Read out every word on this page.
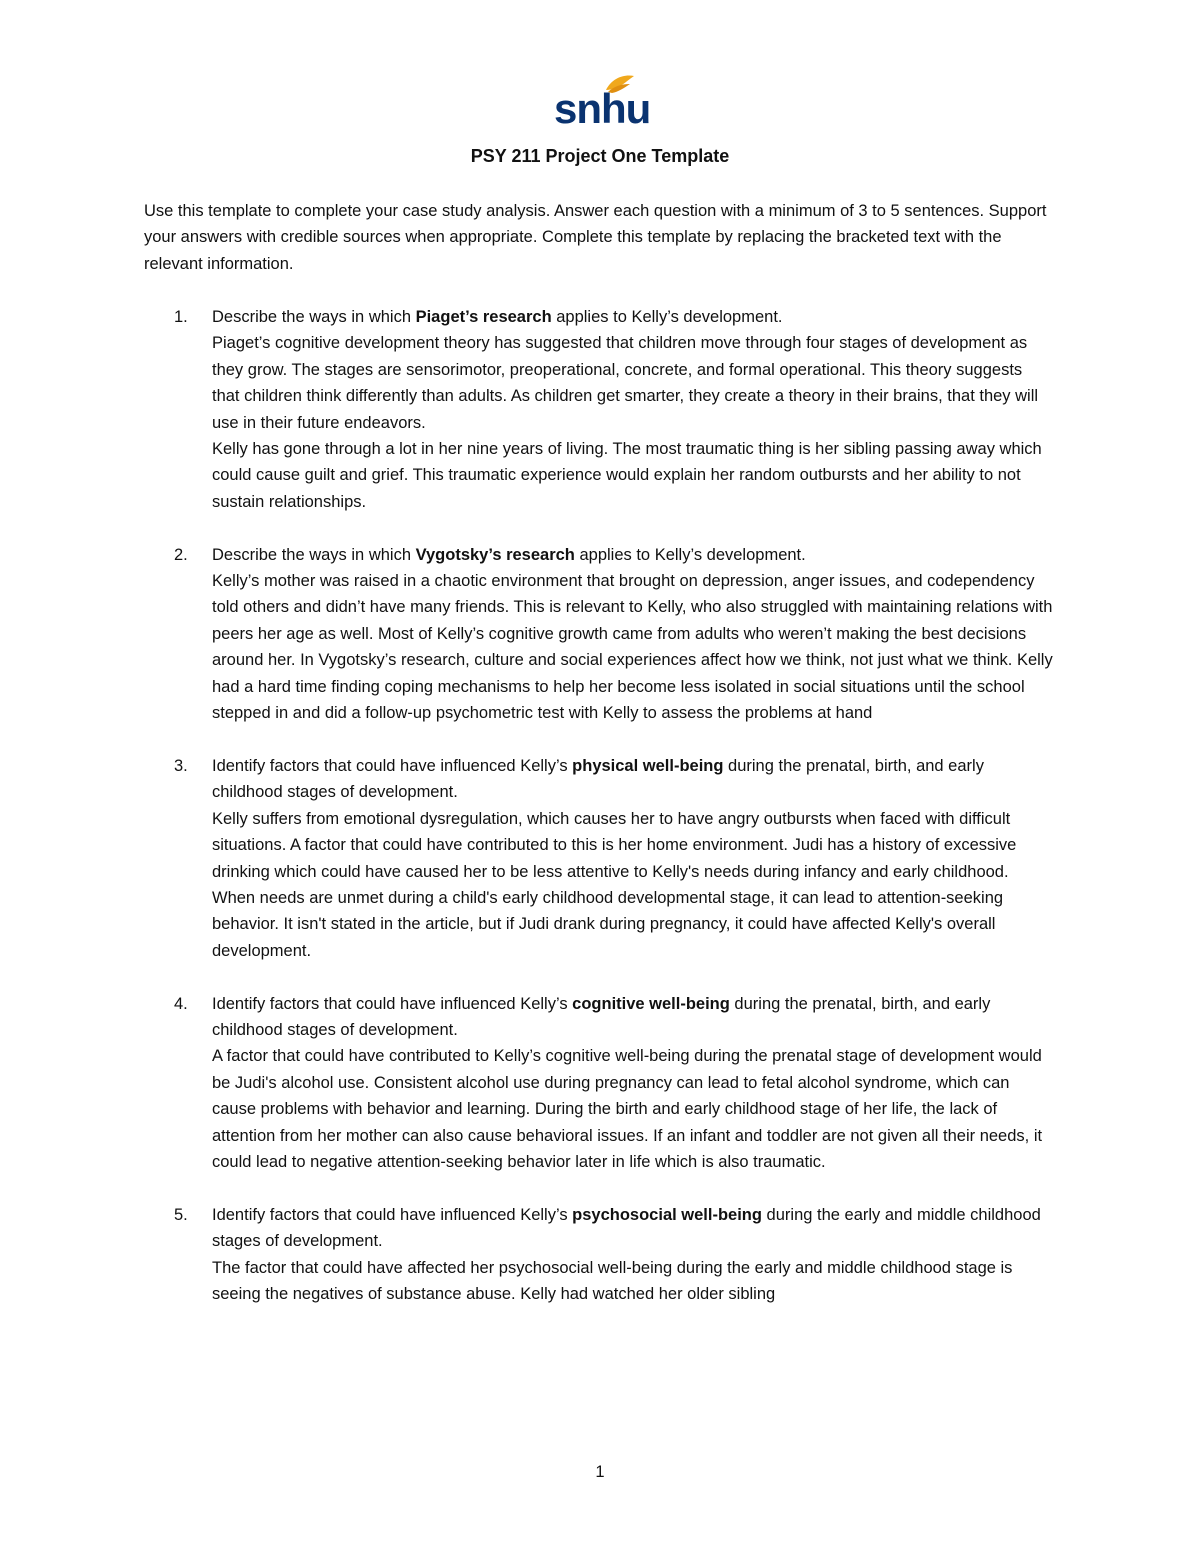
snhu
PSY 211 Project One Template

Use this template to complete your case study analysis. Answer each question with a minimum of 3 to 5 sentences. Support your answers with credible sources when appropriate. Complete this template by replacing the bracketed text with the relevant information.

1. Describe the ways in which Piaget’s research applies to Kelly’s development.

Piaget’s cognitive development theory has suggested that children move through four stages of development as they grow. The stages are sensorimotor, preoperational, concrete, and formal operational. This theory suggests that children think differently than adults. As children get smarter, they create a theory in their brains, that they will use in their future endeavors.

Kelly has gone through a lot in her nine years of living. The most traumatic thing is her sibling passing away which could cause guilt and grief. This traumatic experience would explain her random outbursts and her ability to not sustain relationships.

2. Describe the ways in which Vygotsky’s research applies to Kelly’s development.

Kelly’s mother was raised in a chaotic environment that brought on depression, anger issues, and codependency told others and didn’t have many friends. This is relevant to Kelly, who also struggled with maintaining relations with peers her age as well. Most of Kelly’s cognitive growth came from adults who weren’t making the best decisions around her. In Vygotsky’s research, culture and social experiences affect how we think, not just what we think. Kelly had a hard time finding coping mechanisms to help her become less isolated in social situations until the school stepped in and did a follow-up psychometric test with Kelly to assess the problems at hand

3. Identify factors that could have influenced Kelly’s physical well-being during the prenatal, birth, and early childhood stages of development.

Kelly suffers from emotional dysregulation, which causes her to have angry outbursts when faced with difficult situations. A factor that could have contributed to this is her home environment. Judi has a history of excessive drinking which could have caused her to be less attentive to Kelly's needs during infancy and early childhood. When needs are unmet during a child's early childhood developmental stage, it can lead to attention-seeking behavior. It isn't stated in the article, but if Judi drank during pregnancy, it could have affected Kelly's overall development.

4. Identify factors that could have influenced Kelly’s cognitive well-being during the prenatal, birth, and early childhood stages of development.

A factor that could have contributed to Kelly’s cognitive well-being during the prenatal stage of development would be Judi's alcohol use. Consistent alcohol use during pregnancy can lead to fetal alcohol syndrome, which can cause problems with behavior and learning. During the birth and early childhood stage of her life, the lack of attention from her mother can also cause behavioral issues. If an infant and toddler are not given all their needs, it could lead to negative attention-seeking behavior later in life which is also traumatic.

5. Identify factors that could have influenced Kelly’s psychosocial well-being during the early and middle childhood stages of development.

The factor that could have affected her psychosocial well-being during the early and middle childhood stage is seeing the negatives of substance abuse. Kelly had watched her older sibling

1
